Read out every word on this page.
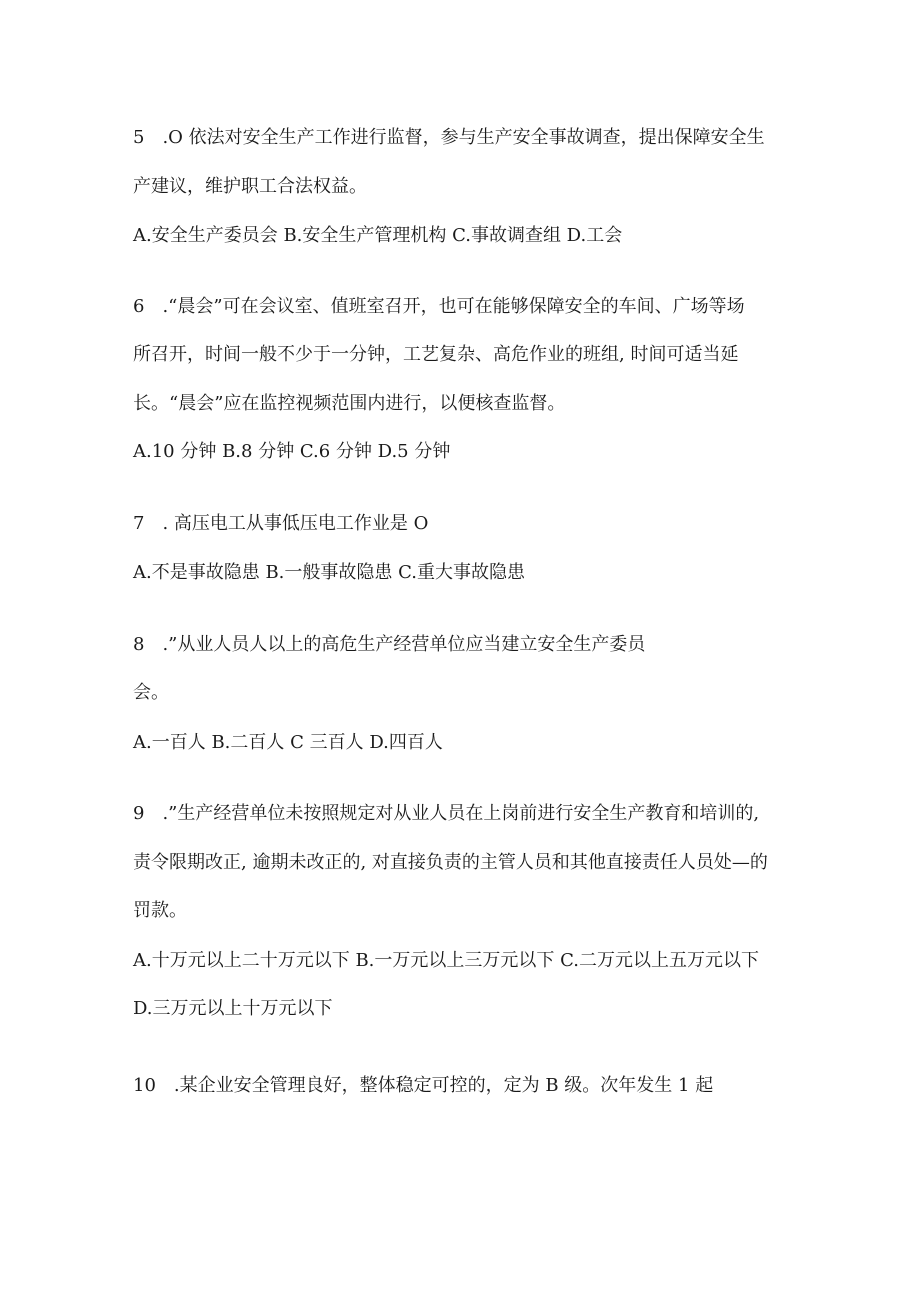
5　.O 依法对安全生产工作进行监督，参与生产安全事故调查，提出保障安全生
产建议，维护职工合法权益。
A.安全生产委员会 B.安全生产管理机构 C.事故调查组 D.工会
6　.“晨会”可在会议室、值班室召开，也可在能够保障安全的车间、广场等场
所召开，时间一般不少于一分钟，工艺复杂、高危作业的班组, 时间可适当延
长。“晨会”应在监控视频范围内进行，以便核查监督。
A.10 分钟 B.8 分钟 C.6 分钟 D.5 分钟
7　. 高压电工从事低压电工作业是 O
A.不是事故隐患 B.一般事故隐患 C.重大事故隐患
8　.”从业人员人以上的高危生产经营单位应当建立安全生产委员
会。
A.一百人 B.二百人 C 三百人 D.四百人
9　.”生产经营单位未按照规定对从业人员在上岗前进行安全生产教育和培训的,
责令限期改正, 逾期未改正的, 对直接负责的主管人员和其他直接责任人员处—的
罚款。
A.十万元以上二十万元以下 B.一万元以上三万元以下 C.二万元以上五万元以下
D.三万元以上十万元以下
10　.某企业安全管理良好，整体稳定可控的，定为 B 级。次年发生 1 起
